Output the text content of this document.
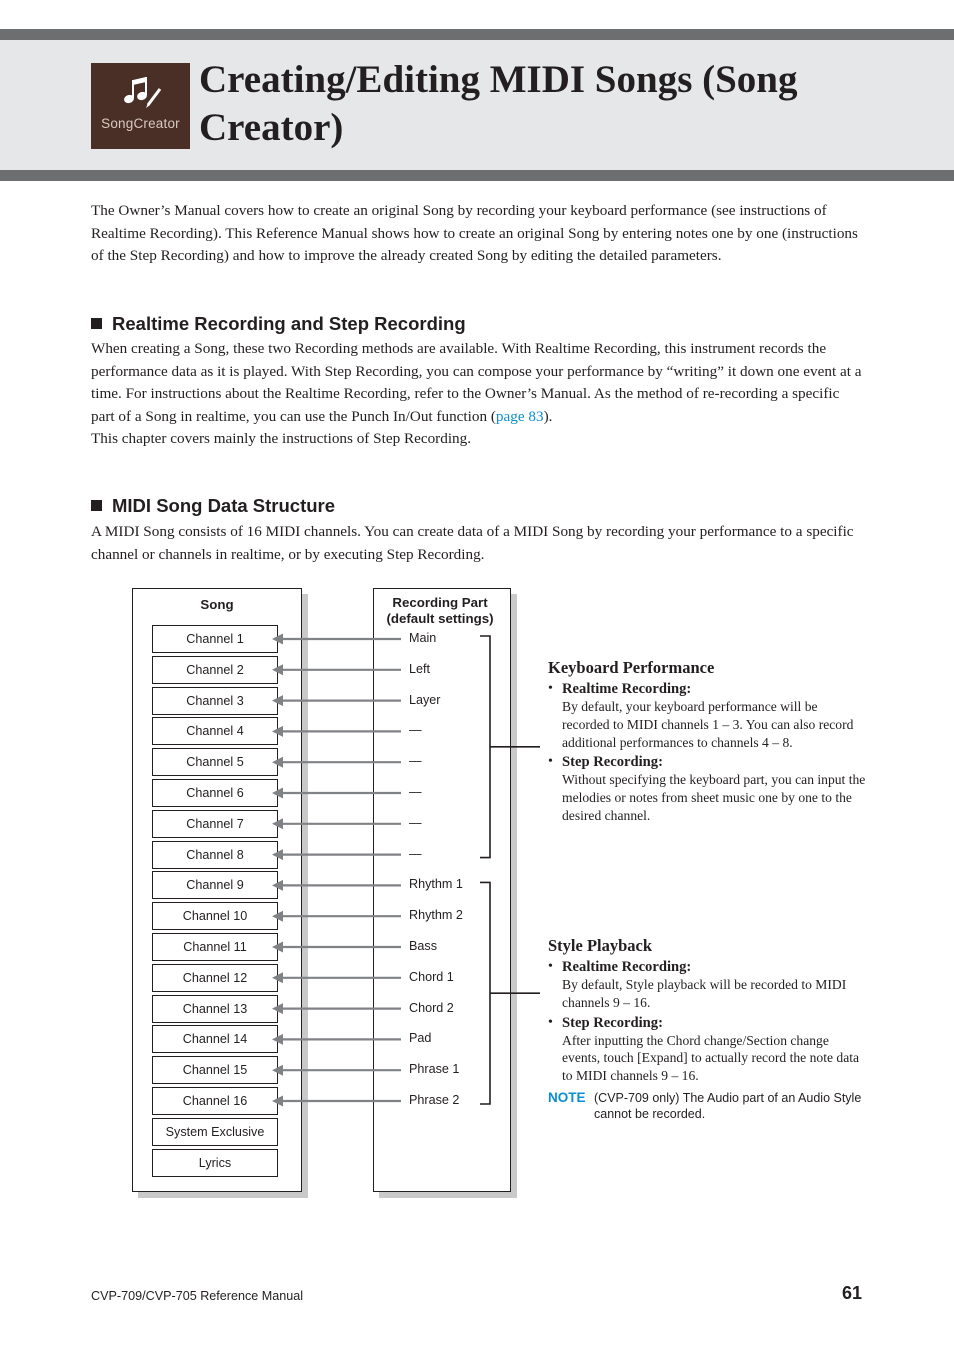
SongCreator
Creating/Editing MIDI Songs (Song Creator)
The Owner’s Manual covers how to create an original Song by recording your keyboard performance (see instructions of Realtime Recording). This Reference Manual shows how to create an original Song by entering notes one by one (instructions of the Step Recording) and how to improve the already created Song by editing the detailed parameters.
Realtime Recording and Step Recording

When creating a Song, these two Recording methods are available. With Realtime Recording, this instrument records the performance data as it is played. With Step Recording, you can compose your performance by “writing” it down one event at a time. For instructions about the Realtime Recording, refer to the Owner’s Manual. As the method of re-recording a specific part of a Song in realtime, you can use the Punch In/Out function (page 83).

This chapter covers mainly the instructions of Step Recording.

MIDI Song Data Structure
A MIDI Song consists of 16 MIDI channels. You can create data of a MIDI Song by recording your performance to a specific channel or channels in realtime, or by executing Step Recording.
Song	Recording Part
(default settings)
Channel 1
Channel 2
Channel 3
Channel 4
Channel 5
Channel 6
Channel 7
Channel 8
Channel 9
Channel 10
Channel 11
Channel 12
Channel 13
Channel 14
Channel 15
Channel 16
System Exclusive
Lyrics
Main
Left
Layer
—
—
—
—
—
Rhythm 1
Rhythm 2
Bass
Chord 1
Chord 2
Pad
Phrase 1
Phrase 2
Keyboard Performance
• Realtime Recording:
By default, your keyboard performance will be recorded to MIDI channels 1 – 3. You can also record additional performances to channels 4 – 8.
• Step Recording:
Without specifying the keyboard part, you can input the melodies or notes from sheet music one by one to the desired channel.
Style Playback
• Realtime Recording:
By default, Style playback will be recorded to MIDI channels 9 – 16.
• Step Recording:
After inputting the Chord change/Section change events, touch [Expand] to actually record the note data to MIDI channels 9 – 16.
NOTE (CVP-709 only) The Audio part of an Audio Style cannot be recorded.
CVP-709/CVP-705 Reference Manual	61
